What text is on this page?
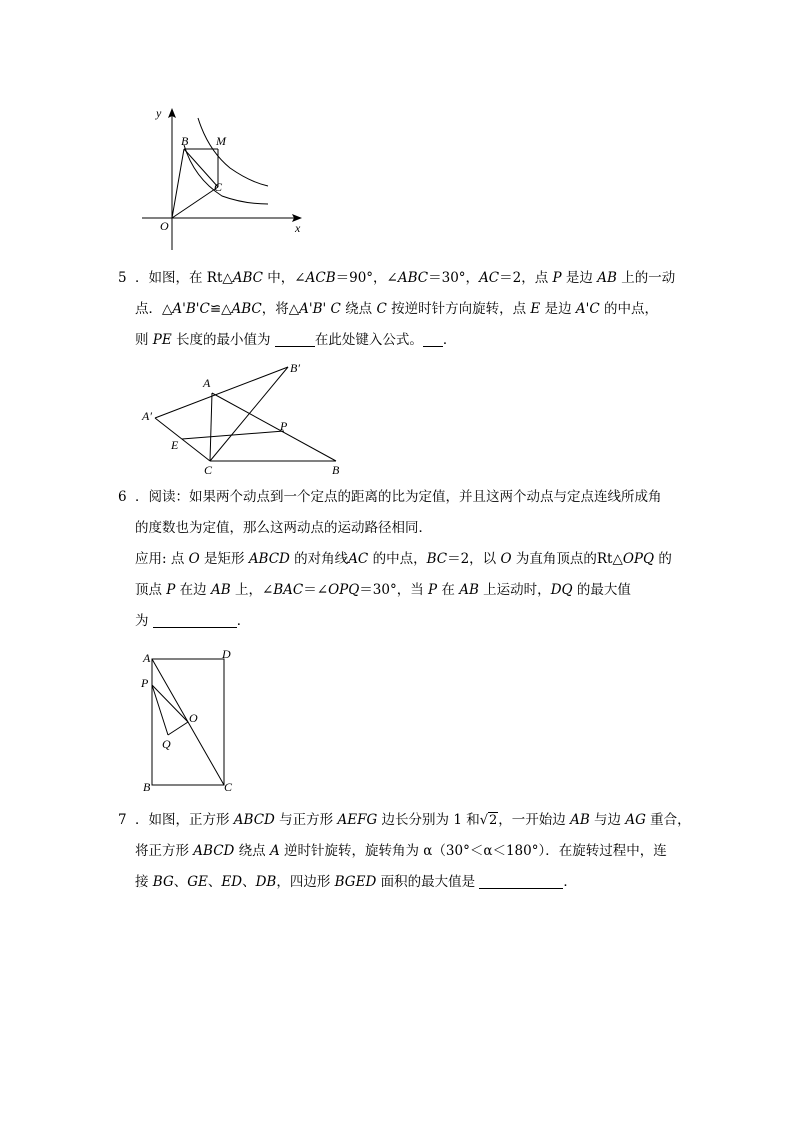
y
x
O
B M
C
5 ．如图，在 Rt△ABC 中，∠ACB＝90°，∠ABC＝30°，AC＝2，点 P 是边 AB 上的一动
点．△A'B'C≌△ABC，将△A'B' C 绕点 C 按逆时针方向旋转，点 E 是边 A'C 的中点，
则 PE 长度的最小值为	在此处键入公式。 ．
A
B′
A′
P
E
C	B
6 ．阅读：如果两个动点到一个定点的距离的比为定值，并且这两个动点与定点连线所成角
的度数也为定值，那么这两动点的运动路径相同．
应用: 点 O 是矩形 ABCD 的对角线AC 的中点，BC＝2，以 O 为直角顶点的Rt△OPQ 的
顶点 P 在边 AB 上，∠BAC＝∠OPQ＝30°，当 P 在 AB 上运动时，DQ 的最大值
为	．
A	D
P
O
Q
B	C
7 ．如图，正方形 ABCD 与正方形 AEFG 边长分别为 1 和√2，一开始边 AB 与边 AG 重合，
将正方形 ABCD 绕点 A 逆时针旋转，旋转角为 α（30°＜α＜180°）．在旋转过程中，连
接 BG、GE、ED、DB，四边形 BGED 面积的最大值是	．
